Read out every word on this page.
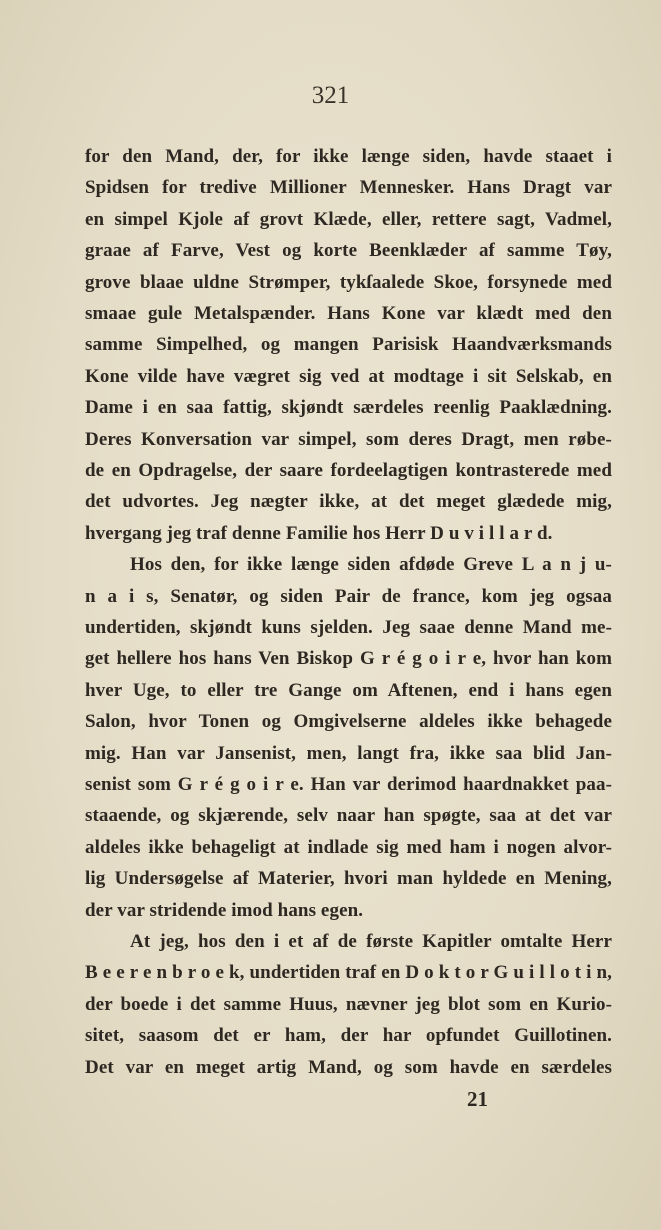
321
for den Mand, der, for ikke længe siden, havde staaet i
Spidsen for tredive Millioner Mennesker. Hans Dragt var
en simpel Kjole af grovt Klæde, eller, rettere sagt, Vadmel,
graae af Farve, Vest og korte Beenklæder af samme Tøy,
grove blaae uldne Strømper, tykſaalede Skoe, forsynede med
smaae gule Metalspænder. Hans Kone var klædt med den
samme Simpelhed, og mangen Parisisk Haandværksmands
Kone vilde have vægret sig ved at modtage i sit Selskab, en
Dame i en saa fattig, skjøndt særdeles reenlig Paaklædning.
Deres Konversation var simpel, som deres Dragt, men røbe-
de en Opdragelse, der saare fordeelagtigen kontrasterede med
det udvortes. Jeg nægter ikke, at det meget glædede mig,
hvergang jeg traf denne Familie hos Herr D u v i l l a r d.
Hos den, for ikke længe siden afdøde Greve L a n j u-
n a i s, Senatør, og siden Pair de france, kom jeg ogsaa
undertiden, skjøndt kuns sjelden. Jeg saae denne Mand me-
get hellere hos hans Ven Biskop G r é g o i r e, hvor han kom
hver Uge, to eller tre Gange om Aftenen, end i hans egen
Salon, hvor Tonen og Omgivelserne aldeles ikke behagede
mig. Han var Jansenist, men, langt fra, ikke saa blid Jan-
senist som G r é g o i r e. Han var derimod haardnakket paa-
staaende, og skjærende, selv naar han spøgte, saa at det var
aldeles ikke behageligt at indlade sig med ham i nogen alvor-
lig Undersøgelse af Materier, hvori man hyldede en Mening,
der var stridende imod hans egen.
At jeg, hos den i et af de første Kapitler omtalte Herr
B e e r e n b r o e k, undertiden traf en D o k t o r G u i l l o t i n,
der boede i det samme Huus, nævner jeg blot som en Kurio-
sitet, saasom det er ham, der har opfundet Guillotinen.
Det var en meget artig Mand, og som havde en særdeles
21
